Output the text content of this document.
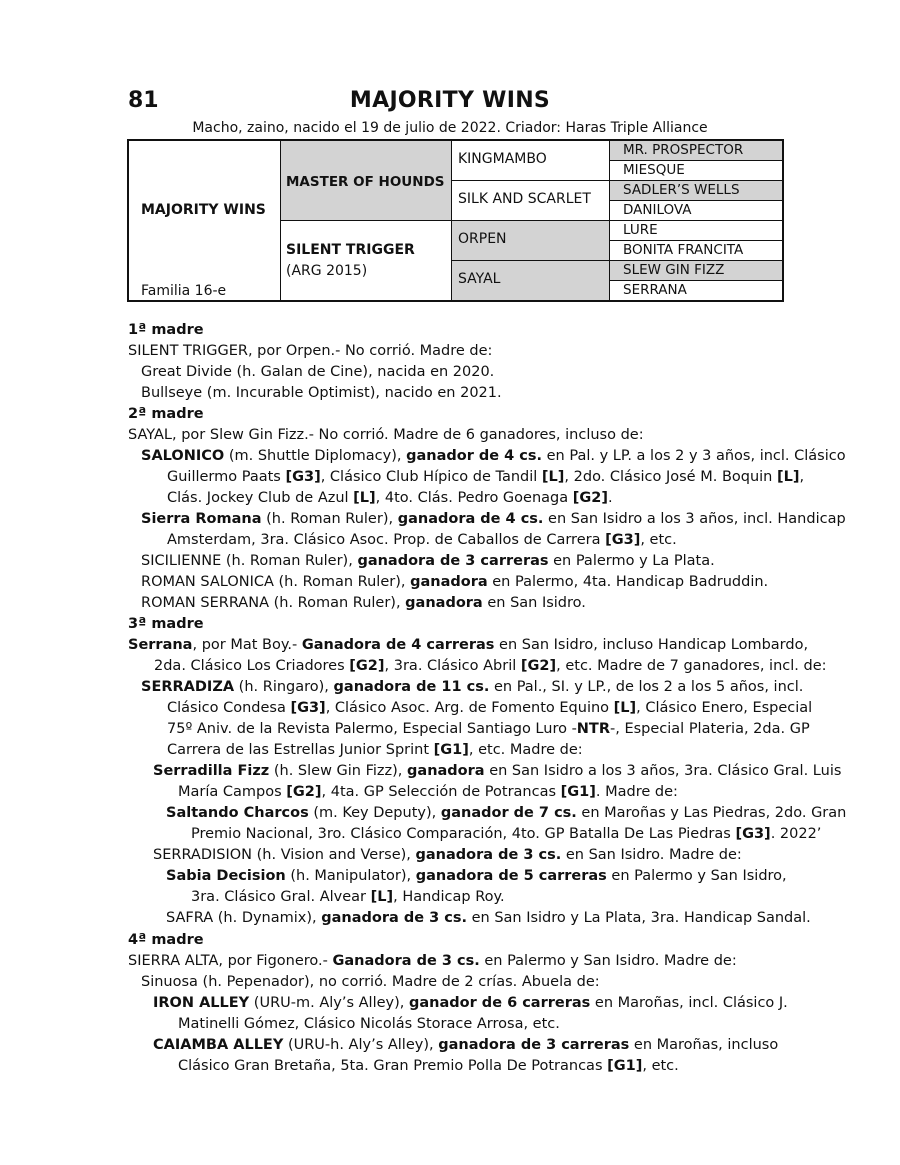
81	MAJORITY WINS
Macho, zaino, nacido el 19 de julio de 2022. Criador: Haras Triple Alliance
MAJORITY WINS
Familia 16-e
MASTER OF HOUNDS
SILENT TRIGGER
(ARG 2015)
KINGMAMBO
SILK AND SCARLET
ORPEN
SAYAL
MR. PROSPECTOR
MIESQUE
SADLER’S WELLS
DANILOVA
LURE
BONITA FRANCITA
SLEW GIN FIZZ
SERRANA
1ª madre
SILENT TRIGGER, por Orpen.- No corrió. Madre de:
Great Divide (h. Galan de Cine), nacida en 2020.
Bullseye (m. Incurable Optimist), nacido en 2021.
2ª madre
SAYAL, por Slew Gin Fizz.- No corrió. Madre de 6 ganadores, incluso de:
SALONICO (m. Shuttle Diplomacy), ganador de 4 cs. en Pal. y LP. a los 2 y 3 años, incl. Clásico
Guillermo Paats [G3], Clásico Club Hípico de Tandil [L], 2do. Clásico José M. Boquin [L],
Clás. Jockey Club de Azul [L], 4to. Clás. Pedro Goenaga [G2].
Sierra Romana (h. Roman Ruler), ganadora de 4 cs. en San Isidro a los 3 años, incl. Handicap
Amsterdam, 3ra. Clásico Asoc. Prop. de Caballos de Carrera [G3], etc.
SICILIENNE (h. Roman Ruler), ganadora de 3 carreras en Palermo y La Plata.
ROMAN SALONICA (h. Roman Ruler), ganadora en Palermo, 4ta. Handicap Badruddin.
ROMAN SERRANA (h. Roman Ruler), ganadora en San Isidro.
3ª madre
Serrana, por Mat Boy.- Ganadora de 4 carreras en San Isidro, incluso Handicap Lombardo,
2da. Clásico Los Criadores [G2], 3ra. Clásico Abril [G2], etc. Madre de 7 ganadores, incl. de:
SERRADIZA (h. Ringaro), ganadora de 11 cs. en Pal., SI. y LP., de los 2 a los 5 años, incl.
Clásico Condesa [G3], Clásico Asoc. Arg. de Fomento Equino [L], Clásico Enero, Especial
75º Aniv. de la Revista Palermo, Especial Santiago Luro -NTR-, Especial Plateria, 2da. GP
Carrera de las Estrellas Junior Sprint [G1], etc. Madre de:
Serradilla Fizz (h. Slew Gin Fizz), ganadora en San Isidro a los 3 años, 3ra. Clásico Gral. Luis
María Campos [G2], 4ta. GP Selección de Potrancas [G1]. Madre de:
Saltando Charcos (m. Key Deputy), ganador de 7 cs. en Maroñas y Las Piedras, 2do. Gran
Premio Nacional, 3ro. Clásico Comparación, 4to. GP Batalla De Las Piedras [G3]. 2022’
SERRADISION (h. Vision and Verse), ganadora de 3 cs. en San Isidro. Madre de:
Sabia Decision (h. Manipulator), ganadora de 5 carreras en Palermo y San Isidro,
3ra. Clásico Gral. Alvear [L], Handicap Roy.
SAFRA (h. Dynamix), ganadora de 3 cs. en San Isidro y La Plata, 3ra. Handicap Sandal.
4ª madre
SIERRA ALTA, por Figonero.- Ganadora de 3 cs. en Palermo y San Isidro. Madre de:
Sinuosa (h. Pepenador), no corrió. Madre de 2 crías. Abuela de:
IRON ALLEY (URU-m. Aly’s Alley), ganador de 6 carreras en Maroñas, incl. Clásico J.
Matinelli Gómez, Clásico Nicolás Storace Arrosa, etc.
CAIAMBA ALLEY (URU-h. Aly’s Alley), ganadora de 3 carreras en Maroñas, incluso
Clásico Gran Bretaña, 5ta. Gran Premio Polla De Potrancas [G1], etc.
